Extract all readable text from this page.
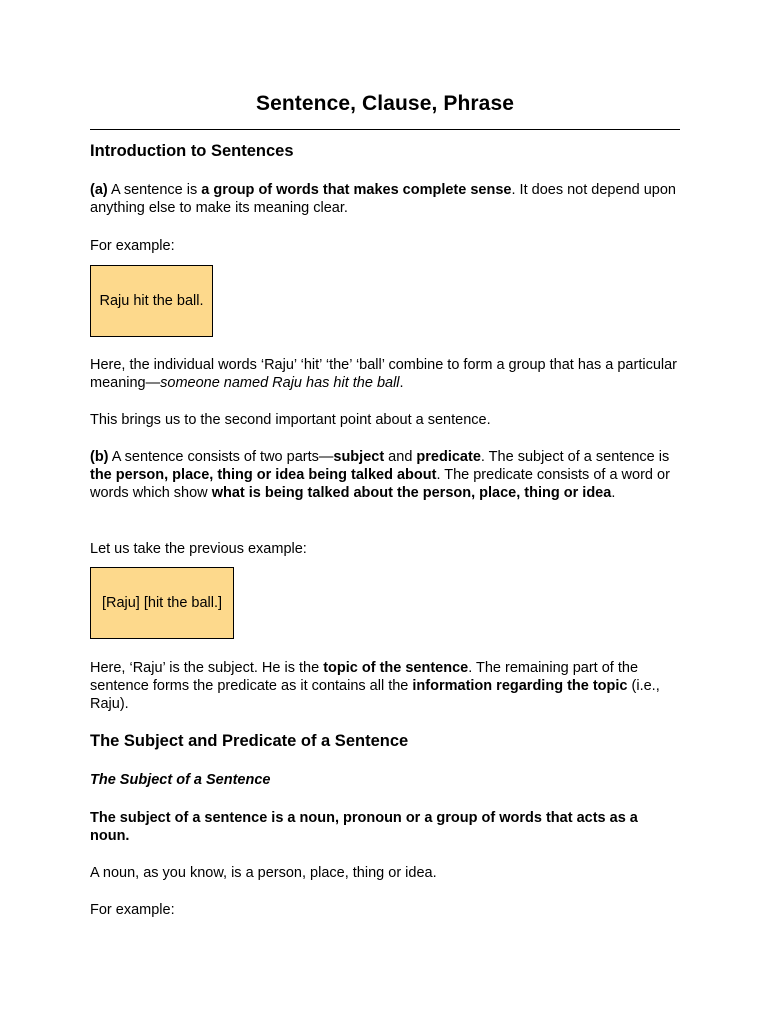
Sentence, Clause, Phrase
Introduction to Sentences

(a) A sentence is a group of words that makes complete sense. It does not depend upon anything else to make its meaning clear.

For example:

Raju hit the ball.

Here, the individual words ‘Raju’ ‘hit’ ‘the’ ‘ball’ combine to form a group that has a particular meaning—someone named Raju has hit the ball.

This brings us to the second important point about a sentence.

(b) A sentence consists of two parts—subject and predicate. The subject of a sentence is the person, place, thing or idea being talked about. The predicate consists of a word or words which show what is being talked about the person, place, thing or idea.

Let us take the previous example:

[Raju] [hit the ball.]

Here, ‘Raju’ is the subject. He is the topic of the sentence. The remaining part of the sentence forms the predicate as it contains all the information regarding the topic (i.e., Raju).

The Subject and Predicate of a Sentence
The Subject of a Sentence

The subject of a sentence is a noun, pronoun or a group of words that acts as a noun.

A noun, as you know, is a person, place, thing or idea.

For example:
